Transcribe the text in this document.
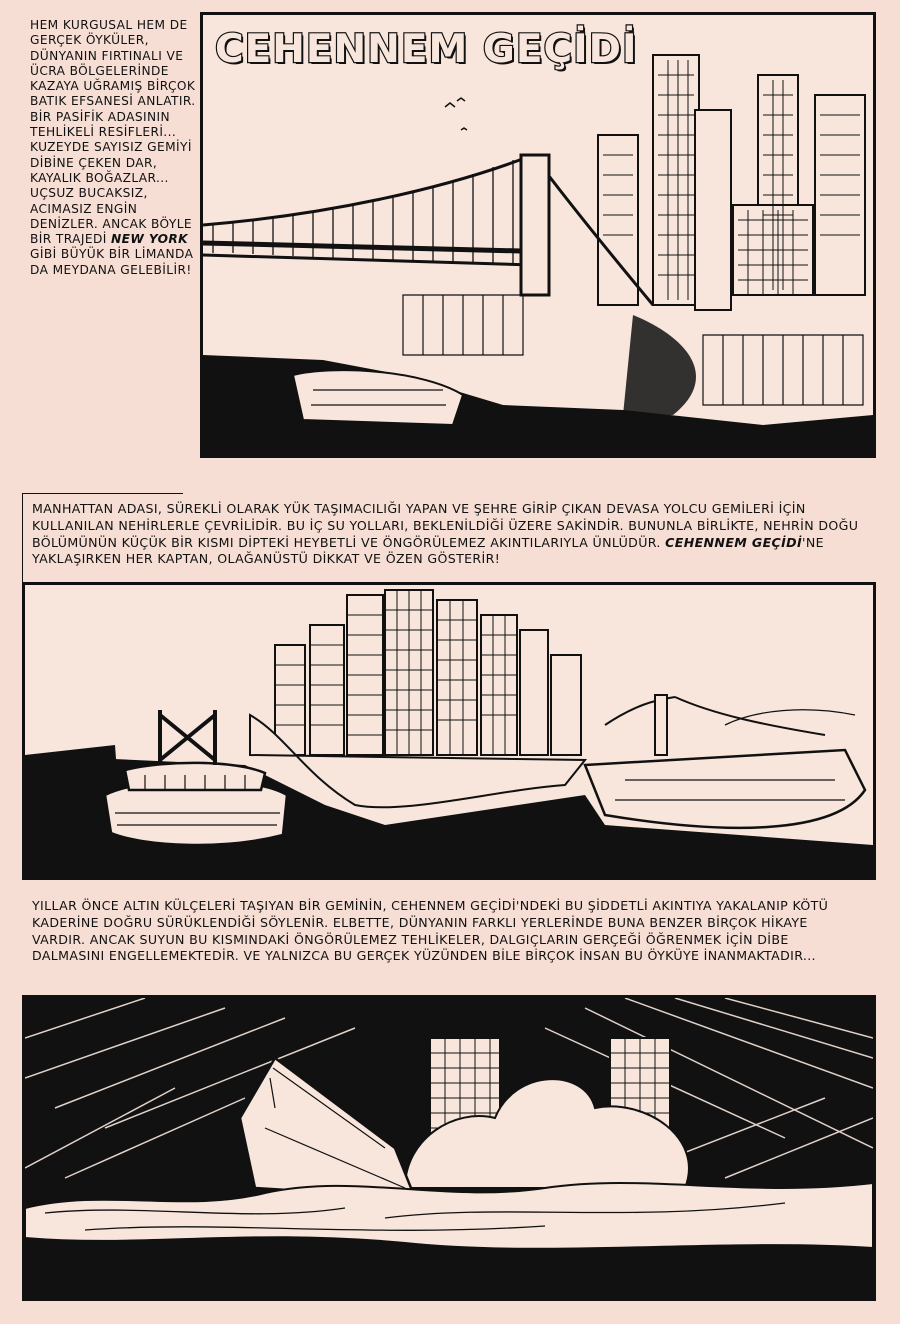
HEM KURGUSAL HEM DE GERÇEK ÖYKÜLER, DÜNYANIN FIRTINALI VE ÜCRA BÖLGELERİNDE KAZAYA UĞRAMIŞ BİRÇOK BATIK EFSANESİ ANLATIR. BİR PASİFİK ADASININ TEHLİKELİ RESİFLERİ... KUZEYDE SAYISIZ GEMİYİ DİBİNE ÇEKEN DAR, KAYALIK BOĞAZLAR... UÇSUZ BUCAKSIZ, ACIMASIZ ENGİN DENİZLER. ANCAK BÖYLE BİR TRAJEDİ NEW YORK GİBİ BÜYÜK BİR LİMANDA DA MEYDANA GELEBİLİR!
CEHENNEM GEÇİDİ
MANHATTAN ADASI, SÜREKLİ OLARAK YÜK TAŞIMACILIĞI YAPAN VE ŞEHRE GİRİP ÇIKAN DEVASA YOLCU GEMİLERİ İÇİN KULLANILAN NEHİRLERLE ÇEVRİLİDİR. BU İÇ SU YOLLARI, BEKLENİLDİĞİ ÜZERE SAKİNDİR. BUNUNLA BİRLİKTE, NEHRİN DOĞU BÖLÜMÜNÜN KÜÇÜK BİR KISMI DİPTEKİ HEYBETLİ VE ÖNGÖRÜLEMEZ AKINTILARIYLA ÜNLÜDÜR. CEHENNEM GEÇİDİ'NE YAKLAŞIRKEN HER KAPTAN, OLAĞANÜSTÜ DİKKAT VE ÖZEN GÖSTERİR!
YILLAR ÖNCE ALTIN KÜLÇELERİ TAŞIYAN BİR GEMİNİN, CEHENNEM GEÇİDİ'NDEKİ BU ŞİDDETLİ AKINTIYA YAKALANIP KÖTÜ KADERİNE DOĞRU SÜRÜKLENDİĞİ SÖYLENİR. ELBETTE, DÜNYANIN FARKLI YERLERİNDE BUNA BENZER BİRÇOK HİKAYE VARDIR. ANCAK SUYUN BU KISMINDAKİ ÖNGÖRÜLEMEZ TEHLİKELER, DALGIÇLARIN GERÇEĞİ ÖĞRENMEK İÇİN DİBE DALMASINI ENGELLEMEKTEDİR. VE YALNIZCA BU GERÇEK YÜZÜNDEN BİLE BİRÇOK İNSAN BU ÖYKÜYE İNANMAKTADIR...
